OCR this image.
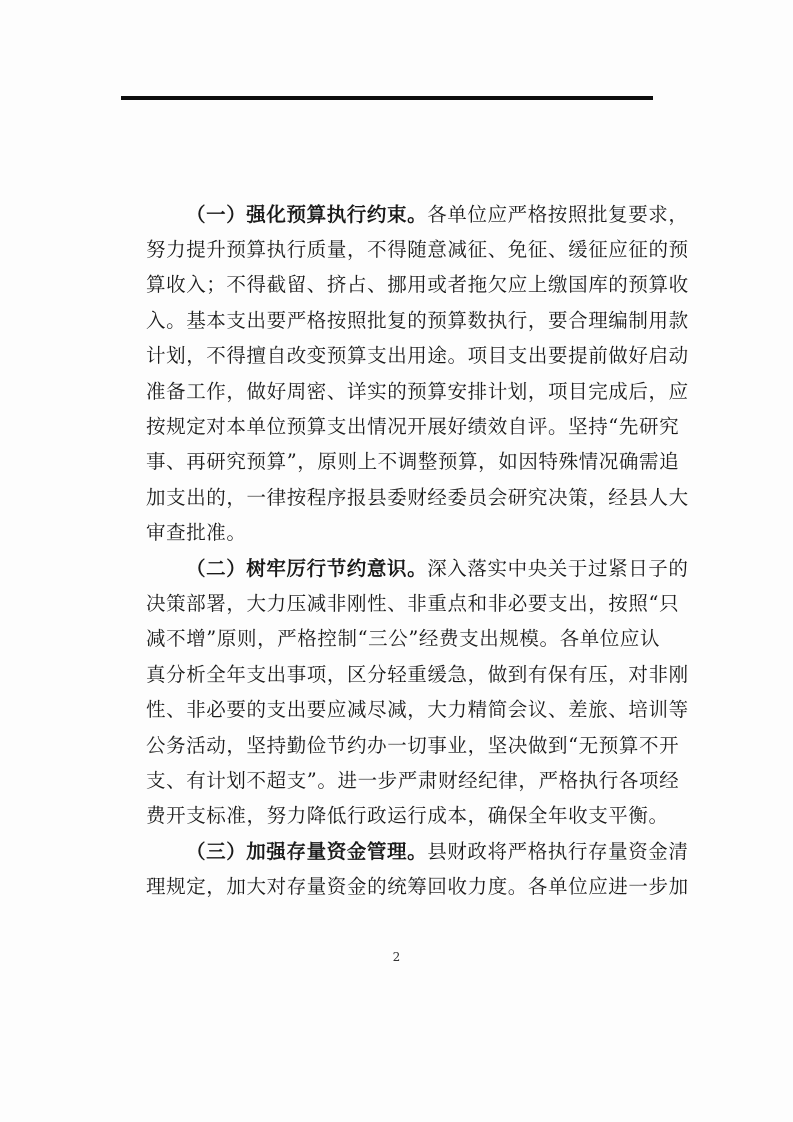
（一）强化预算执行约束。各单位应严格按照批复要求，
努力提升预算执行质量，不得随意减征、免征、缓征应征的预
算收入；不得截留、挤占、挪用或者拖欠应上缴国库的预算收
入。基本支出要严格按照批复的预算数执行，要合理编制用款
计划，不得擅自改变预算支出用途。项目支出要提前做好启动
准备工作，做好周密、详实的预算安排计划，项目完成后，应
按规定对本单位预算支出情况开展好绩效自评。坚持“先研究
事、再研究预算”，原则上不调整预算，如因特殊情况确需追
加支出的，一律按程序报县委财经委员会研究决策，经县人大
审查批准。
（二）树牢厉行节约意识。深入落实中央关于过紧日子的
决策部署，大力压减非刚性、非重点和非必要支出，按照“只
减不增”原则，严格控制“三公”经费支出规模。各单位应认
真分析全年支出事项，区分轻重缓急，做到有保有压，对非刚
性、非必要的支出要应减尽减，大力精简会议、差旅、培训等
公务活动，坚持勤俭节约办一切事业，坚决做到“无预算不开
支、有计划不超支”。进一步严肃财经纪律，严格执行各项经
费开支标准，努力降低行政运行成本，确保全年收支平衡。
（三）加强存量资金管理。县财政将严格执行存量资金清
理规定，加大对存量资金的统筹回收力度。各单位应进一步加
2
